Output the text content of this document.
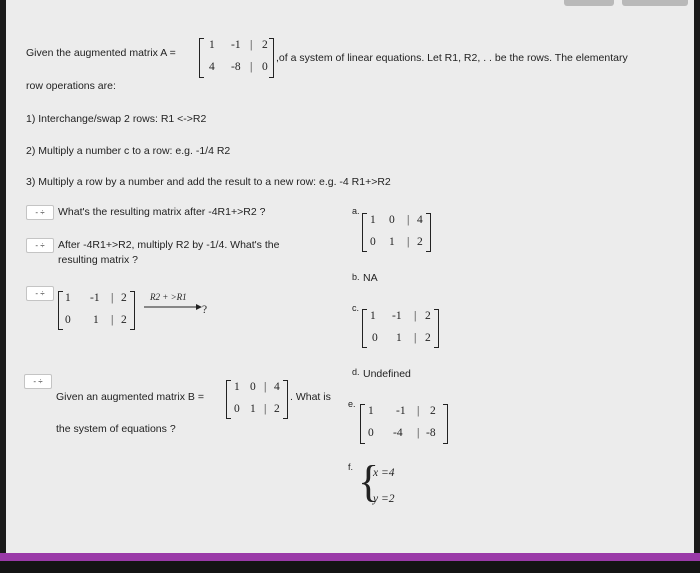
Given the augmented matrix A =
1 -1 | 2
4 -8 | 0
,of a system of linear equations. Let R1, R2, . . be the rows. The elementary
row operations are:
1) Interchange/swap 2 rows: R1 <->R2
2) Multiply a number c to a row: e.g. -1/4 R2
3) Multiply a row by a number and add the result to a new row: e.g. -4 R1+>R2
- ÷	What's the resulting matrix after -4R1+>R2 ?
- ÷	After -4R1+>R2, multiply R2 by -1/4. What's the
resulting matrix ?
- ÷	1 -1 | 2
0 1 | 2
R2 + >R1
?
- ÷
Given an augmented matrix B =
1 0 | 4
0 1 | 2
. What is
the system of equations ?
a.
1 0 | 4
0 1 | 2
b. NA
c.
1 -1 | 2
0 1 | 2
d. Undefined
e.
1 -1 | 2
0 -4 | -8
f. {
x =4
y =2
